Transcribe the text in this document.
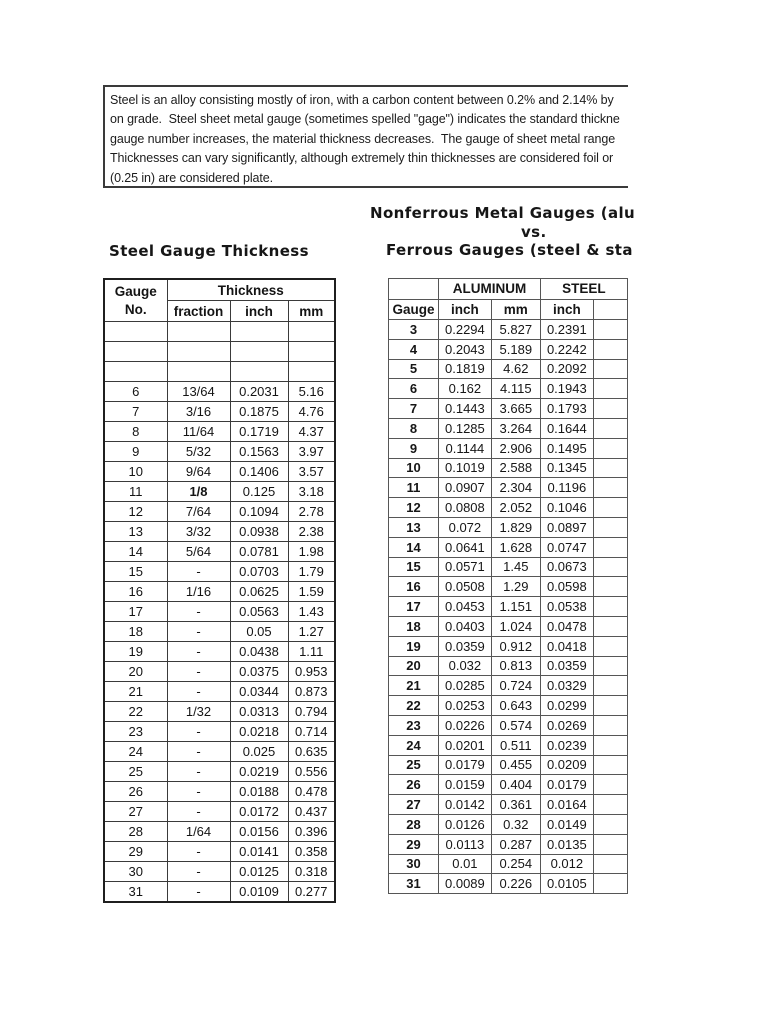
Steel is an alloy consisting mostly of iron, with a carbon content between 0.2% and 2.14% by
on grade.  Steel sheet metal gauge (sometimes spelled "gage") indicates the standard thickne
gauge number increases, the material thickness decreases.  The gauge of sheet metal range
Thicknesses can vary significantly, although extremely thin thicknesses are considered foil or
(0.25 in) are considered plate.
Steel Gauge Thickness
Nonferrous Metal Gauges (alu
vs.
Ferrous Gauges (steel & sta
Gauge
No.	Thickness		
	fraction	inch	mm

6	13/64	0.2031	5.16
7	3/16	0.1875	4.76
8	11/64	0.1719	4.37
9	5/32	0.1563	3.97
10	9/64	0.1406	3.57
11	1/8	0.125	3.18
12	7/64	0.1094	2.78
13	3/32	0.0938	2.38
14	5/64	0.0781	1.98
15	-	0.0703	1.79
16	1/16	0.0625	1.59
17	-	0.0563	1.43
18	-	0.05	1.27
19	-	0.0438	1.11
20	-	0.0375	0.953
21	-	0.0344	0.873
22	1/32	0.0313	0.794
23	-	0.0218	0.714
24	-	0.025	0.635
25	-	0.0219	0.556
26	-	0.0188	0.478
27	-	0.0172	0.437
28	1/64	0.0156	0.396
29	-	0.0141	0.358
30	-	0.0125	0.318
31	-	0.0109	0.277
	ALUMINUM		STEEL	
Gauge	inch	mm	inch	
3	0.2294	5.827	0.2391	
4	0.2043	5.189	0.2242	
5	0.1819	4.62	0.2092	
6	0.162	4.115	0.1943	
7	0.1443	3.665	0.1793	
8	0.1285	3.264	0.1644	
9	0.1144	2.906	0.1495	
10	0.1019	2.588	0.1345	
11	0.0907	2.304	0.1196	
12	0.0808	2.052	0.1046	
13	0.072	1.829	0.0897	
14	0.0641	1.628	0.0747	
15	0.0571	1.45	0.0673	
16	0.0508	1.29	0.0598	
17	0.0453	1.151	0.0538	
18	0.0403	1.024	0.0478	
19	0.0359	0.912	0.0418	
20	0.032	0.813	0.0359	
21	0.0285	0.724	0.0329	
22	0.0253	0.643	0.0299	
23	0.0226	0.574	0.0269	
24	0.0201	0.511	0.0239	
25	0.0179	0.455	0.0209	
26	0.0159	0.404	0.0179	
27	0.0142	0.361	0.0164	
28	0.0126	0.32	0.0149	
29	0.0113	0.287	0.0135	
30	0.01	0.254	0.012	
31	0.0089	0.226	0.0105	
